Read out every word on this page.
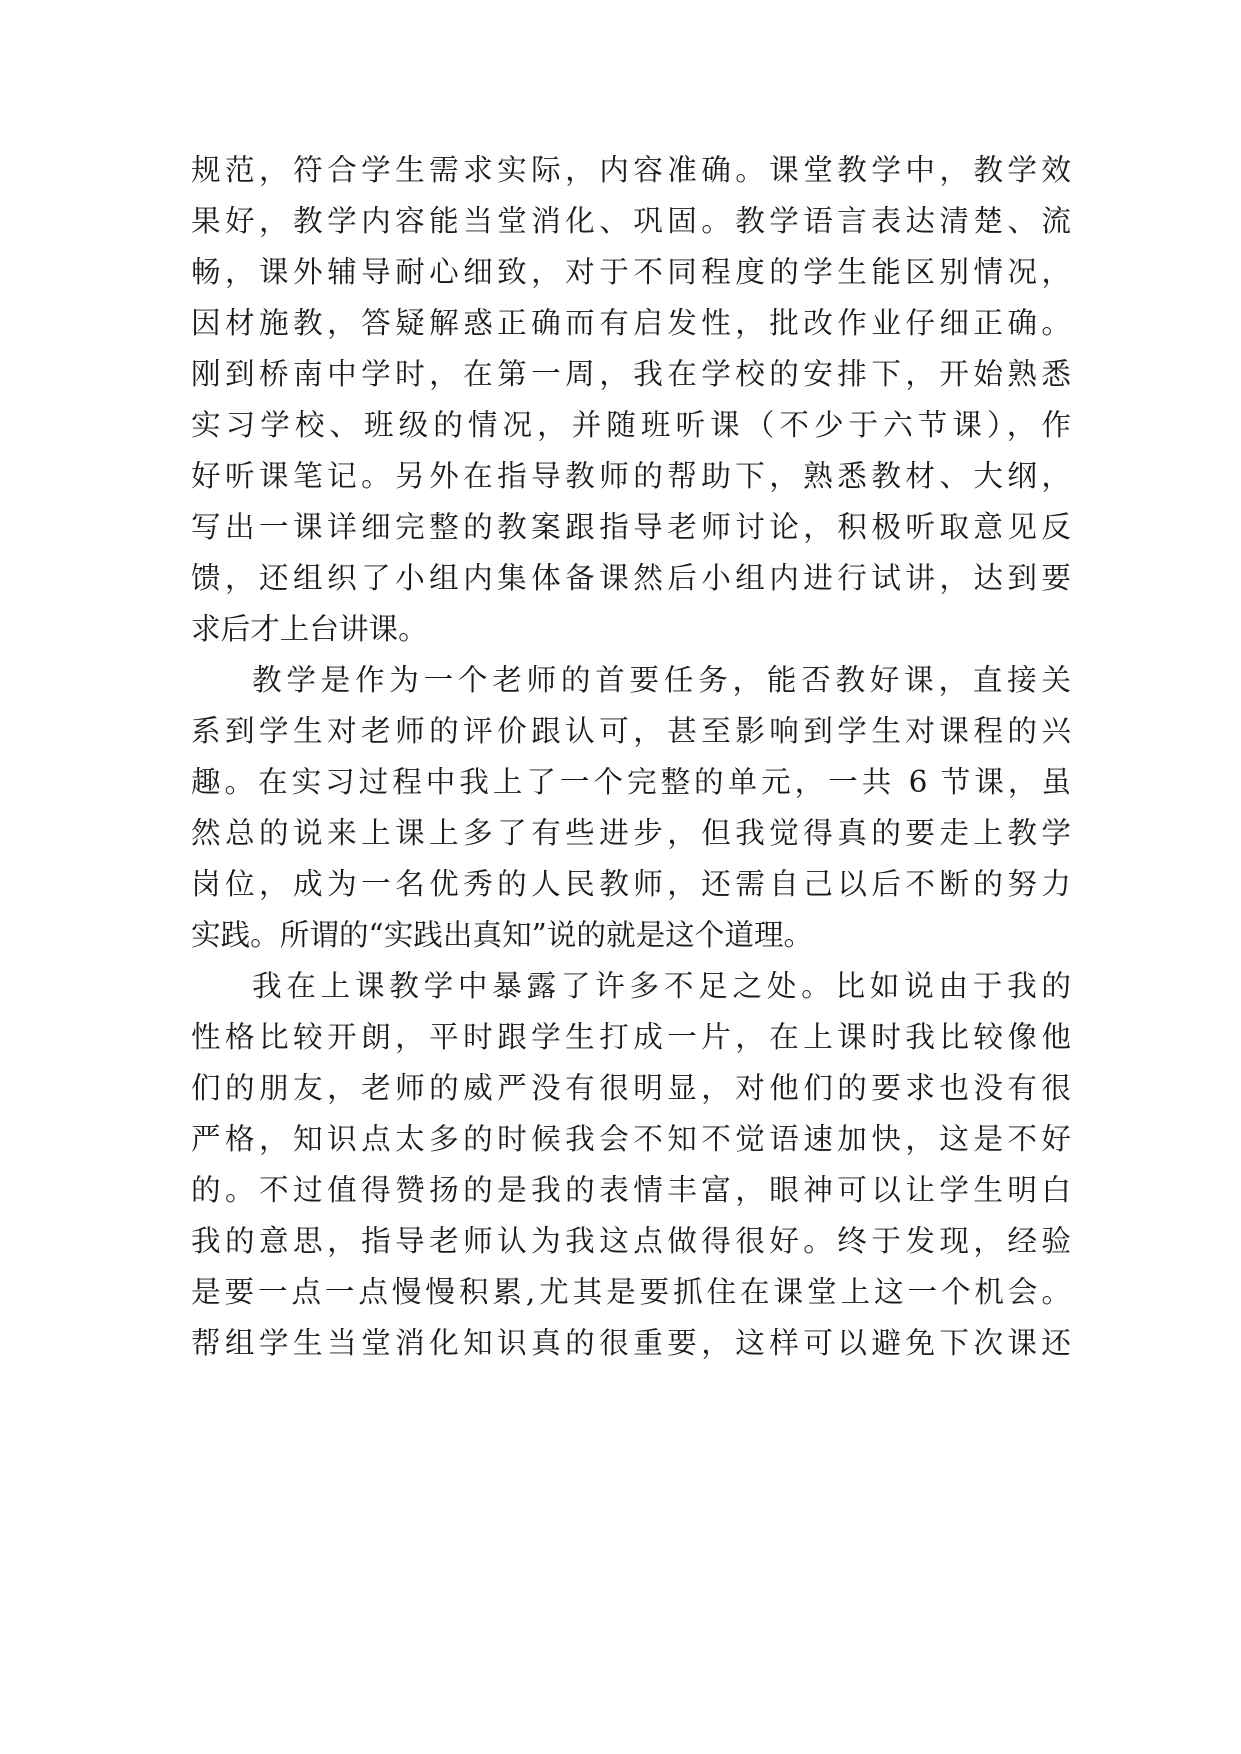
规范，符合学生需求实际，内容准确。课堂教学中，教学效
果好，教学内容能当堂消化、巩固。教学语言表达清楚、流
畅，课外辅导耐心细致，对于不同程度的学生能区别情况，
因材施教，答疑解惑正确而有启发性，批改作业仔细正确。
刚到桥南中学时，在第一周，我在学校的安排下，开始熟悉
实习学校、班级的情况，并随班听课（不少于六节课），作
好听课笔记。另外在指导教师的帮助下，熟悉教材、大纲，
写出一课详细完整的教案跟指导老师讨论，积极听取意见反
馈，还组织了小组内集体备课然后小组内进行试讲，达到要
求后才上台讲课。
教学是作为一个老师的首要任务，能否教好课，直接关
系到学生对老师的评价跟认可，甚至影响到学生对课程的兴
趣。在实习过程中我上了一个完整的单元，一共 6 节课，虽
然总的说来上课上多了有些进步，但我觉得真的要走上教学
岗位，成为一名优秀的人民教师，还需自己以后不断的努力
实践。所谓的“实践出真知”说的就是这个道理。
我在上课教学中暴露了许多不足之处。比如说由于我的
性格比较开朗，平时跟学生打成一片，在上课时我比较像他
们的朋友，老师的威严没有很明显，对他们的要求也没有很
严格，知识点太多的时候我会不知不觉语速加快，这是不好
的。不过值得赞扬的是我的表情丰富，眼神可以让学生明白
我的意思，指导老师认为我这点做得很好。终于发现，经验
是要一点一点慢慢积累,尤其是要抓住在课堂上这一个机会。
帮组学生当堂消化知识真的很重要，这样可以避免下次课还
